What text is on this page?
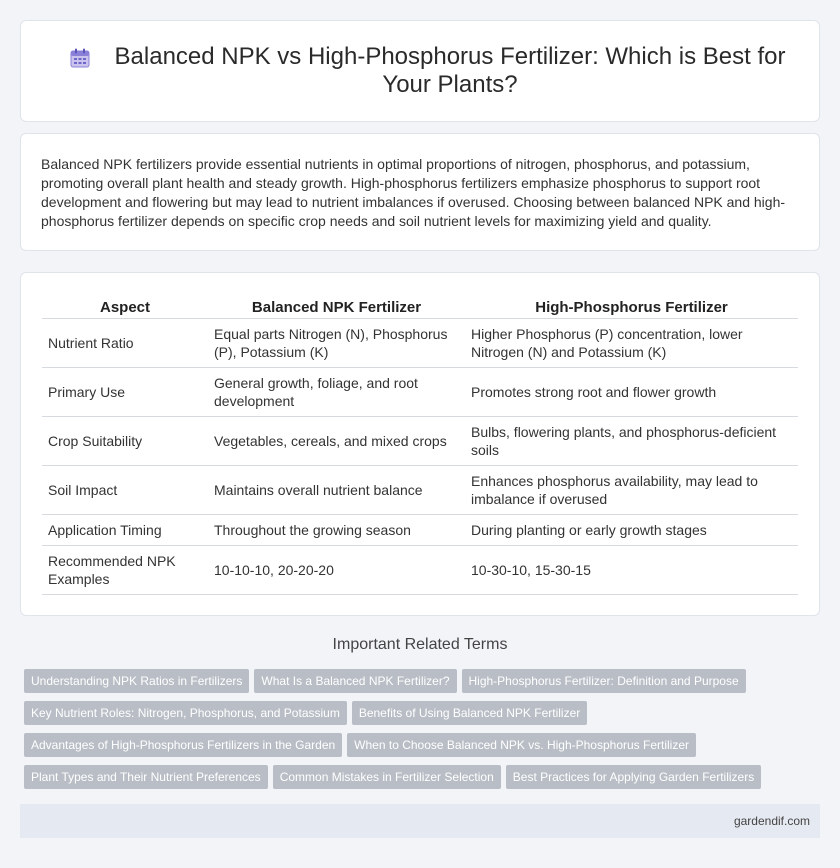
Balanced NPK vs High-Phosphorus Fertilizer: Which is Best for Your Plants?

Balanced NPK fertilizers provide essential nutrients in optimal proportions of nitrogen, phosphorus, and potassium, promoting overall plant health and steady growth. High-phosphorus fertilizers emphasize phosphorus to support root development and flowering but may lead to nutrient imbalances if overused. Choosing between balanced NPK and high-phosphorus fertilizer depends on specific crop needs and soil nutrient levels for maximizing yield and quality.

Aspect	Balanced NPK Fertilizer	High-Phosphorus Fertilizer
Nutrient Ratio	Equal parts Nitrogen (N), Phosphorus (P), Potassium (K)	Higher Phosphorus (P) concentration, lower Nitrogen (N) and Potassium (K)
Primary Use	General growth, foliage, and root development	Promotes strong root and flower growth
Crop Suitability	Vegetables, cereals, and mixed crops	Bulbs, flowering plants, and phosphorus-deficient soils
Soil Impact	Maintains overall nutrient balance	Enhances phosphorus availability, may lead to imbalance if overused
Application Timing	Throughout the growing season	During planting or early growth stages
Recommended NPK Examples	10-10-10, 20-20-20	10-30-10, 15-30-15
Important Related Terms
Understanding NPK Ratios in Fertilizers What Is a Balanced NPK Fertilizer? High-Phosphorus Fertilizer: Definition and Purpose
Key Nutrient Roles: Nitrogen, Phosphorus, and Potassium Benefits of Using Balanced NPK Fertilizer
Advantages of High-Phosphorus Fertilizers in the Garden When to Choose Balanced NPK vs. High-Phosphorus Fertilizer
Plant Types and Their Nutrient Preferences Common Mistakes in Fertilizer Selection Best Practices for Applying Garden Fertilizers
gardendif.com
